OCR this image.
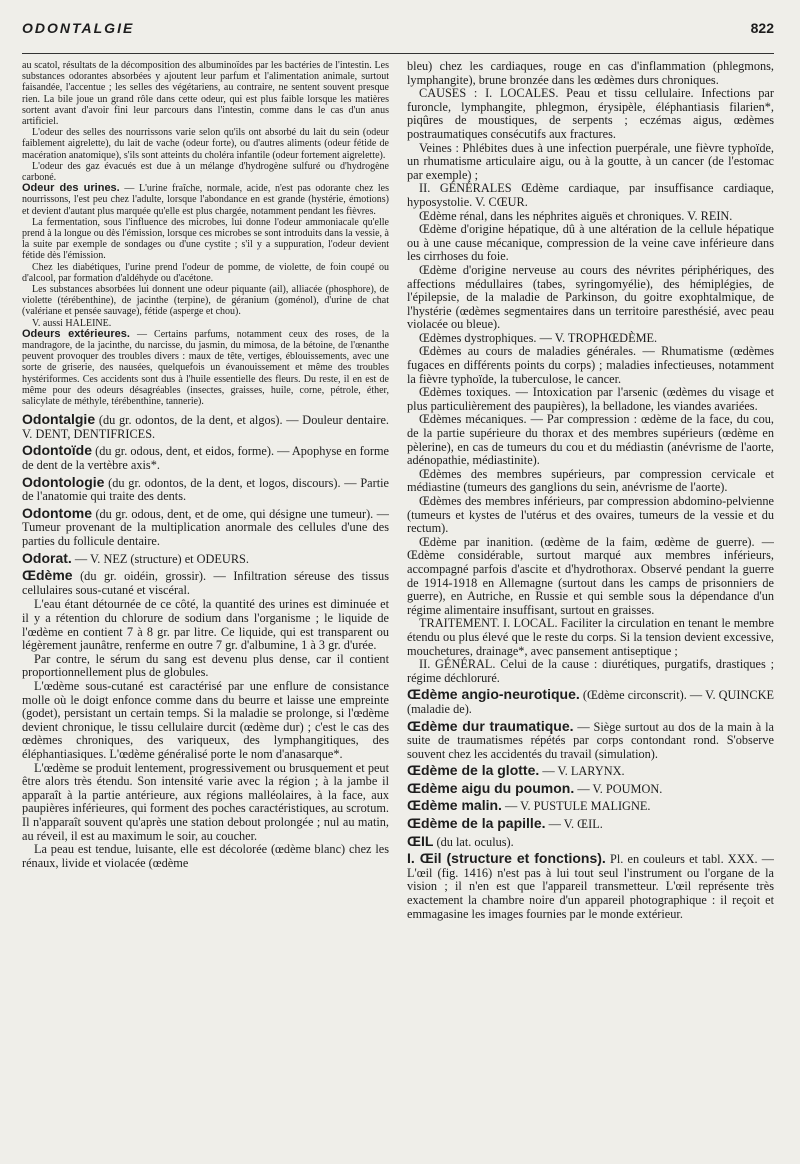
ODONTALGIE	822

au scatol, résultats de la décomposition des albuminoïdes par les bactéries de l'intestin. Les substances odorantes absorbées y ajoutent leur parfum et l'alimentation animale, surtout faisandée, l'accentue ; les selles des végétariens, au contraire, ne sentent souvent presque rien. La bile joue un grand rôle dans cette odeur, qui est plus faible lorsque les matières sortent avant d'avoir fini leur parcours dans l'intestin, comme dans le cas d'un anus artificiel.

L'odeur des selles des nourrissons varie selon qu'ils ont absorbé du lait du sein (odeur faiblement aigrelette), du lait de vache (odeur forte), ou d'autres aliments (odeur fétide de macération anatomique), s'ils sont atteints du choléra infantile (odeur fortement aigrelette).

L'odeur des gaz évacués est due à un mélange d'hydrogène sulfuré ou d'hydrogène carboné.

Odeur des urines. — L'urine fraîche, normale, acide, n'est pas odorante chez les nourrissons, l'est peu chez l'adulte, lorsque l'abondance en est grande (hystérie, émotions) et devient d'autant plus marquée qu'elle est plus chargée, notamment pendant les fièvres.

La fermentation, sous l'influence des microbes, lui donne l'odeur ammoniacale qu'elle prend à la longue ou dès l'émission, lorsque ces microbes se sont introduits dans la vessie, à la suite par exemple de sondages ou d'une cystite ; s'il y a suppuration, l'odeur devient fétide dès l'émission.

Chez les diabétiques, l'urine prend l'odeur de pomme, de violette, de foin coupé ou d'alcool, par formation d'aldéhyde ou d'acétone.

Les substances absorbées lui donnent une odeur piquante (ail), alliacée (phosphore), de violette (térébenthine), de jacinthe (terpine), de géranium (goménol), d'urine de chat (valériane et pensée sauvage), fétide (asperge et chou).

V. aussi HALEINE.

Odeurs extérieures. — Certains parfums, notamment ceux des roses, de la mandragore, de la jacinthe, du narcisse, du jasmin, du mimosa, de la bétoine, de l'œnanthe peuvent provoquer des troubles divers : maux de tête, vertiges, éblouissements, avec une sorte de griserie, des nausées, quelquefois un évanouissement et même des troubles hystériformes. Ces accidents sont dus à l'huile essentielle des fleurs. Du reste, il en est de même pour des odeurs désagréables (insectes, graisses, huile, corne, pétrole, éther, salicylate de méthyle, térébenthine, tannerie).

Odontalgie (du gr. odontos, de la dent, et algos). — Douleur dentaire. V. DENT, DENTIFRICES.
Odontoïde (du gr. odous, dent, et eidos, forme). — Apophyse en forme de dent de la vertèbre axis*.
Odontologie (du gr. odontos, de la dent, et logos, discours). — Partie de l'anatomie qui traite des dents.
Odontome (du gr. odous, dent, et de ome, qui désigne une tumeur). — Tumeur provenant de la multiplication anormale des cellules d'une des parties du follicule dentaire.
Odorat. — V. NEZ (structure) et ODEURS.
Œdème (du gr. oidéin, grossir). — Infiltration séreuse des tissus cellulaires sous-cutané et viscéral.

L'eau étant détournée de ce côté, la quantité des urines est diminuée et il y a rétention du chlorure de sodium dans l'organisme ; le liquide de l'œdème en contient 7 à 8 gr. par litre. Ce liquide, qui est transparent ou légèrement jaunâtre, renferme en outre 7 gr. d'albumine, 1 à 3 gr. d'urée.

Par contre, le sérum du sang est devenu plus dense, car il contient proportionnellement plus de globules.

L'œdème sous-cutané est caractérisé par une enflure de consistance molle où le doigt enfonce comme dans du beurre et laisse une empreinte (godet), persistant un certain temps. Si la maladie se prolonge, si l'œdème devient chronique, le tissu cellulaire durcit (œdème dur) ; c'est le cas des œdèmes chroniques, des variqueux, des lymphangitiques, des éléphantiasiques. L'œdème généralisé porte le nom d'anasarque*.

L'œdème se produit lentement, progressivement ou brusquement et peut être alors très étendu. Son intensité varie avec la région ; à la jambe il apparaît à la partie antérieure, aux régions malléolaires, à la face, aux paupières inférieures, qui forment des poches caractéristiques, au scrotum. Il n'apparaît souvent qu'après une station debout prolongée ; nul au matin, au réveil, il est au maximum le soir, au coucher.

La peau est tendue, luisante, elle est décolorée (œdème blanc) chez les rénaux, livide et violacée (œdème

bleu) chez les cardiaques, rouge en cas d'inflammation (phlegmons, lymphangite), brune bronzée dans les œdèmes durs chroniques.

CAUSES : I. LOCALES. Peau et tissu cellulaire. Infections par furoncle, lymphangite, phlegmon, érysipèle, éléphantiasis filarien*, piqûres de moustiques, de serpents ; eczémas aigus, œdèmes postraumatiques consécutifs aux fractures.

Veines : Phlébites dues à une infection puerpérale, une fièvre typhoïde, un rhumatisme articulaire aigu, ou à la goutte, à un cancer (de l'estomac par exemple) ;

II. GÉNÉRALES Œdème cardiaque, par insuffisance cardiaque, hyposystolie. V. CŒUR.

Œdème rénal, dans les néphrites aiguës et chroniques. V. REIN.

Œdème d'origine hépatique, dû à une altération de la cellule hépatique ou à une cause mécanique, compression de la veine cave inférieure dans les cirrhoses du foie.

Œdème d'origine nerveuse au cours des névrites périphériques, des affections médullaires (tabes, syringomyélie), des hémiplégies, de l'épilepsie, de la maladie de Parkinson, du goitre exophtalmique, de l'hystérie (œdèmes segmentaires dans un territoire paresthésié, avec peau violacée ou bleue).

Œdèmes dystrophiques. — V. TROPHŒDÈME.

Œdèmes au cours de maladies générales. — Rhumatisme (œdèmes fugaces en différents points du corps) ; maladies infectieuses, notamment la fièvre typhoïde, la tuberculose, le cancer.

Œdèmes toxiques. — Intoxication par l'arsenic (œdèmes du visage et plus particulièrement des paupières), la belladone, les viandes avariées.

Œdèmes mécaniques. — Par compression : œdème de la face, du cou, de la partie supérieure du thorax et des membres supérieurs (œdème en pèlerine), en cas de tumeurs du cou et du médiastin (anévrisme de l'aorte, adénopathie, médiastinite).

Œdèmes des membres supérieurs, par compression cervicale et médiastine (tumeurs des ganglions du sein, anévrisme de l'aorte).

Œdèmes des membres inférieurs, par compression abdomino-pelvienne (tumeurs et kystes de l'utérus et des ovaires, tumeurs de la vessie et du rectum).

Œdème par inanition. (œdème de la faim, œdème de guerre). — Œdème considérable, surtout marqué aux membres inférieurs, accompagné parfois d'ascite et d'hydrothorax. Observé pendant la guerre de 1914-1918 en Allemagne (surtout dans les camps de prisonniers de guerre), en Autriche, en Russie et qui semble sous la dépendance d'un régime alimentaire insuffisant, surtout en graisses.

TRAITEMENT. I. LOCAL. Faciliter la circulation en tenant le membre étendu ou plus élevé que le reste du corps. Si la tension devient excessive, mouchetures, drainage*, avec pansement antiseptique ;

II. GÉNÉRAL. Celui de la cause : diurétiques, purgatifs, drastiques ; régime déchloruré.

Œdème angio-neurotique. (Œdème circonscrit). — V. QUINCKE (maladie de).
Œdème dur traumatique. — Siège surtout au dos de la main à la suite de traumatismes répétés par corps contondant rond. S'observe souvent chez les accidentés du travail (simulation).
Œdème de la glotte. — V. LARYNX.
Œdème aigu du poumon. — V. POUMON.
Œdème malin. — V. PUSTULE MALIGNE.
Œdème de la papille. — V. ŒIL.
ŒIL (du lat. oculus).
I. Œil (structure et fonctions). Pl. en couleurs et tabl. XXX. — L'œil (fig. 1416) n'est pas à lui tout seul l'instrument ou l'organe de la vision ; il n'en est que l'appareil transmetteur. L'œil représente très exactement la chambre noire d'un appareil photographique : il reçoit et emmagasine les images fournies par le monde extérieur.
